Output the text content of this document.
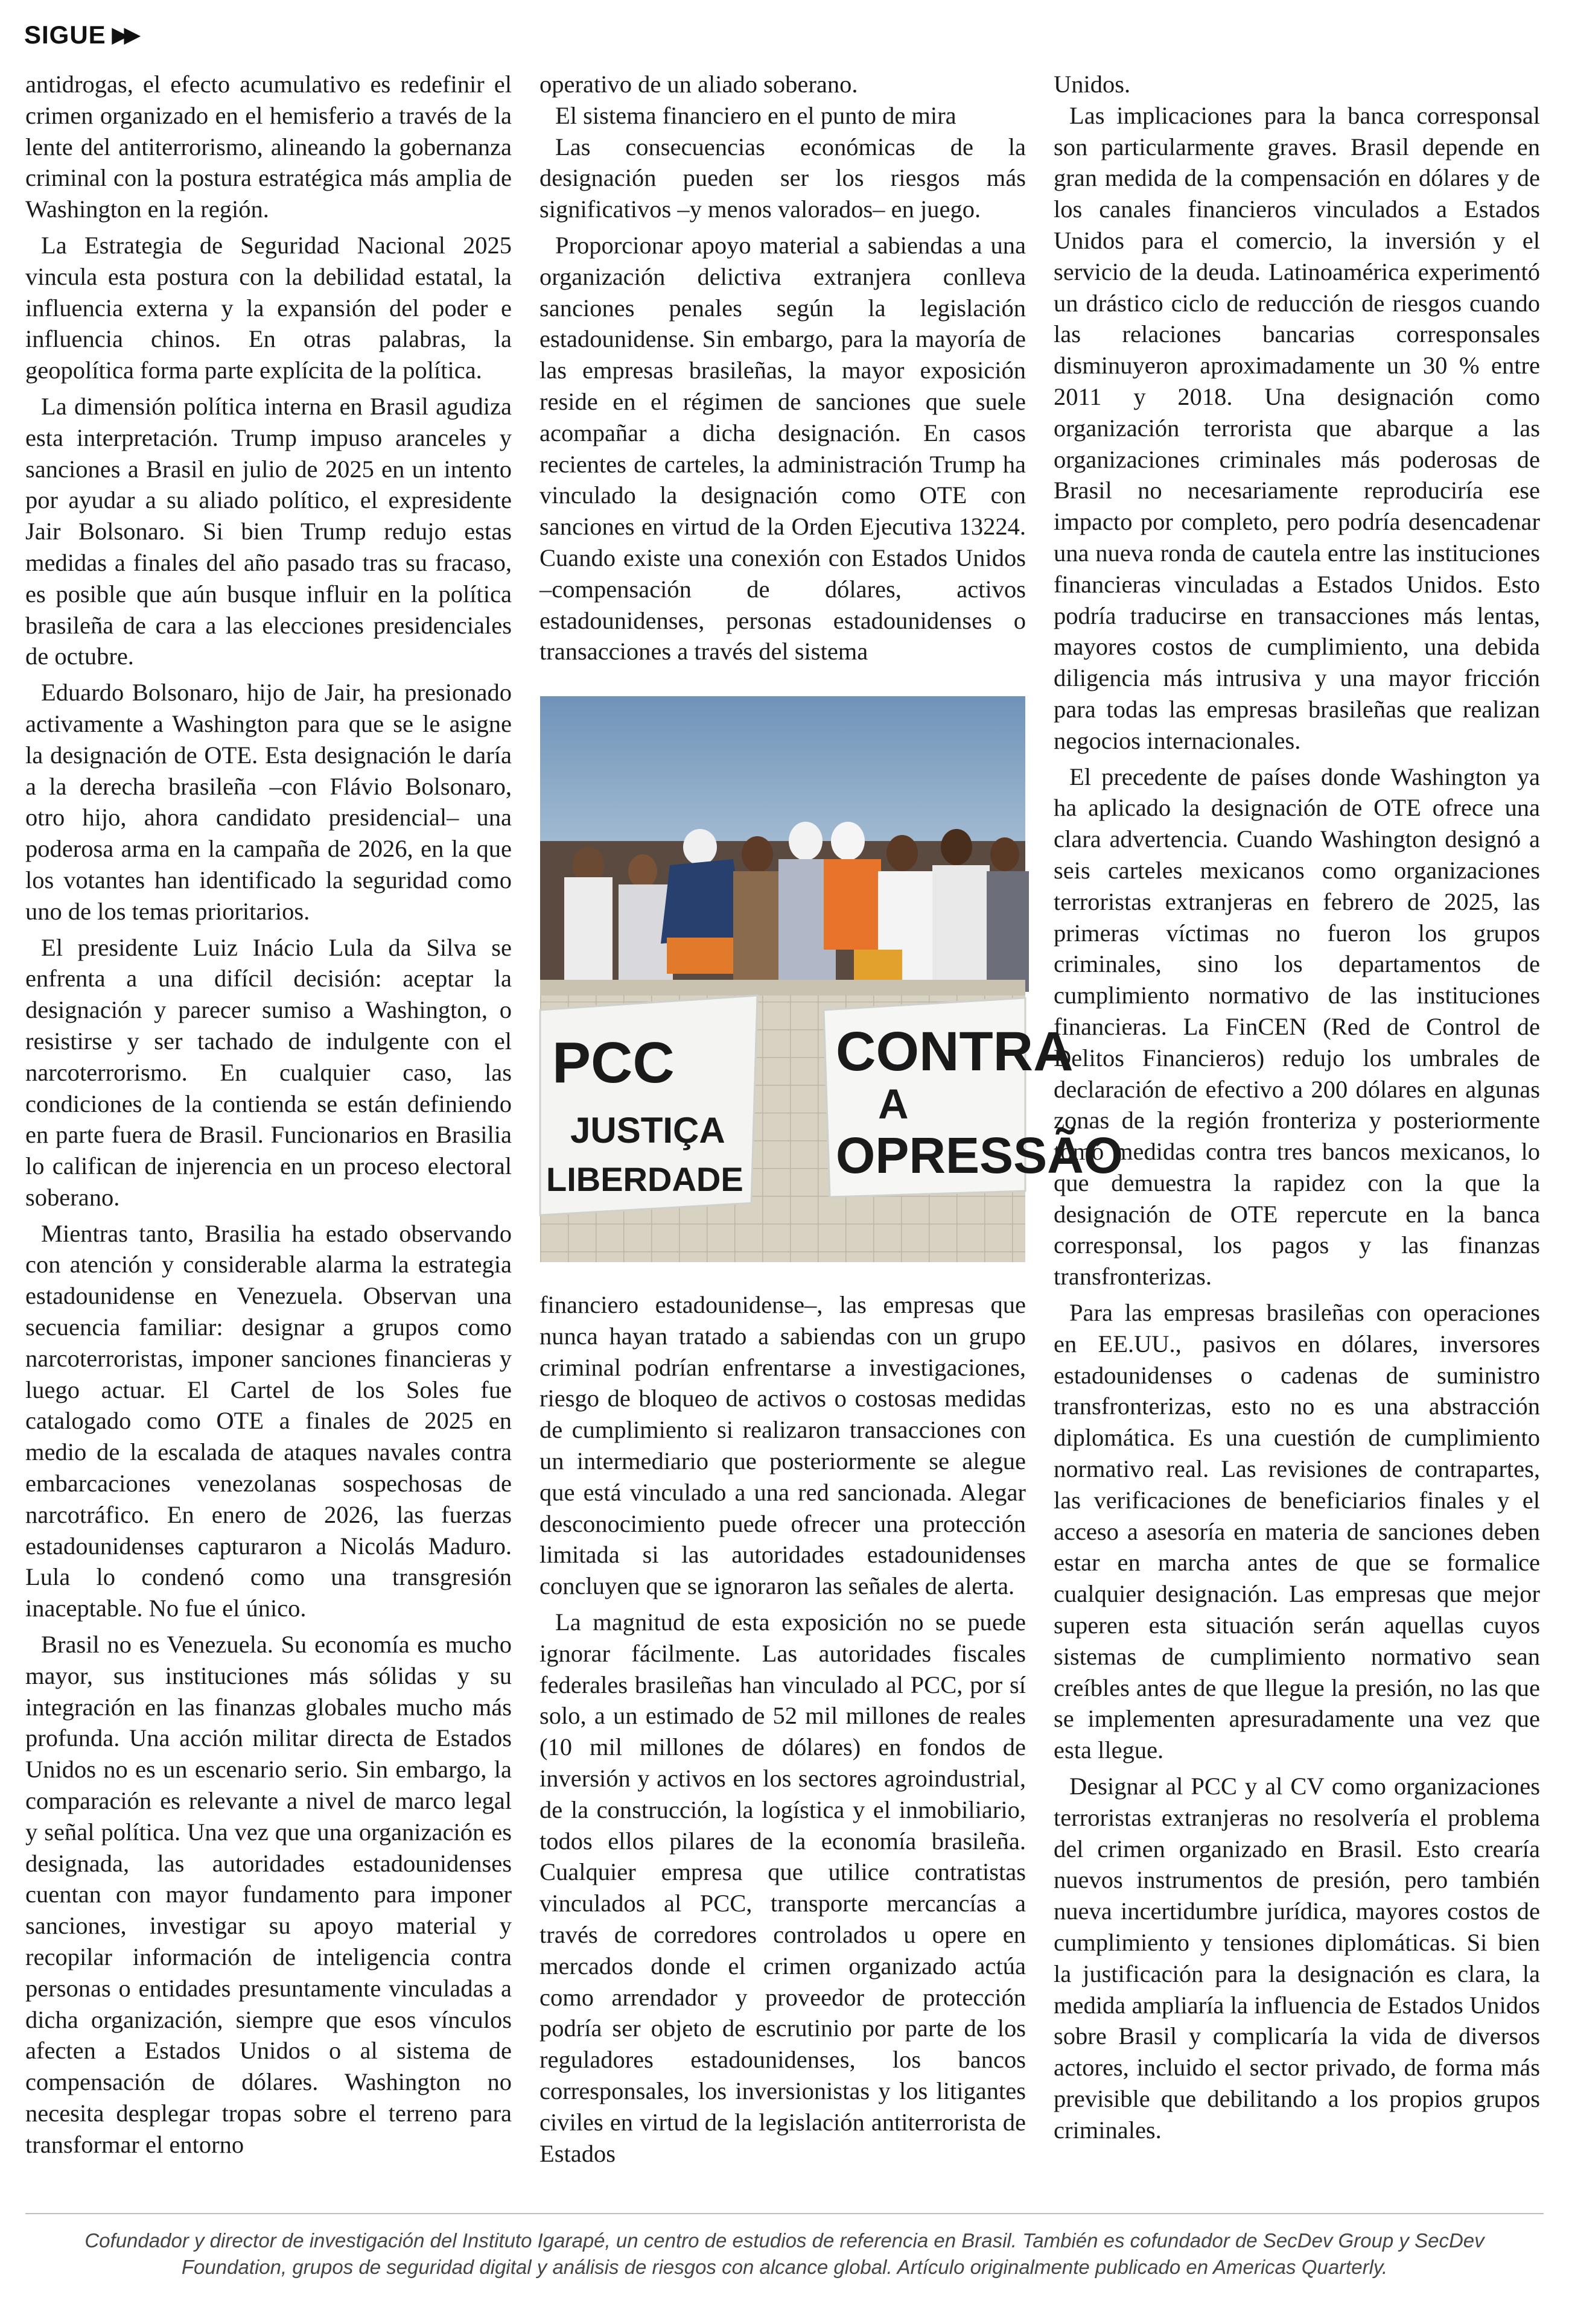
SIGUE ▶▶

antidrogas, el efecto acumulativo es redefinir el crimen organizado en el hemisferio a través de la lente del antiterrorismo, alineando la gobernanza criminal con la postura estratégica más amplia de Washington en la región.

La Estrategia de Seguridad Nacional 2025 vincula esta postura con la debilidad estatal, la influencia externa y la expansión del poder e influencia chinos. En otras palabras, la geopolítica forma parte explícita de la política.

La dimensión política interna en Brasil agudiza esta interpretación. Trump impuso aranceles y sanciones a Brasil en julio de 2025 en un intento por ayudar a su aliado político, el expresidente Jair Bolsonaro. Si bien Trump redujo estas medidas a finales del año pasado tras su fracaso, es posible que aún busque influir en la política brasileña de cara a las elecciones presidenciales de octubre.

Eduardo Bolsonaro, hijo de Jair, ha presionado activamente a Washington para que se le asigne la designación de OTE. Esta designación le daría a la derecha brasileña –con Flávio Bolsonaro, otro hijo, ahora candidato presidencial– una poderosa arma en la campaña de 2026, en la que los votantes han identificado la seguridad como uno de los temas prioritarios.

El presidente Luiz Inácio Lula da Silva se enfrenta a una difícil decisión: aceptar la designación y parecer sumiso a Washington, o resistirse y ser tachado de indulgente con el narcoterrorismo. En cualquier caso, las condiciones de la contienda se están definiendo en parte fuera de Brasil. Funcionarios en Brasilia lo califican de injerencia en un proceso electoral soberano.

Mientras tanto, Brasilia ha estado observando con atención y considerable alarma la estrategia estadounidense en Venezuela. Observan una secuencia familiar: designar a grupos como narcoterroristas, imponer sanciones financieras y luego actuar. El Cartel de los Soles fue catalogado como OTE a finales de 2025 en medio de la escalada de ataques navales contra embarcaciones venezolanas sospechosas de narcotráfico. En enero de 2026, las fuerzas estadounidenses capturaron a Nicolás Maduro. Lula lo condenó como una transgresión inaceptable. No fue el único.

Brasil no es Venezuela. Su economía es mucho mayor, sus instituciones más sólidas y su integración en las finanzas globales mucho más profunda. Una acción militar directa de Estados Unidos no es un escenario serio. Sin embargo, la comparación es relevante a nivel de marco legal y señal política. Una vez que una organización es designada, las autoridades estadounidenses cuentan con mayor fundamento para imponer sanciones, investigar su apoyo material y recopilar información de inteligencia contra personas o entidades presuntamente vinculadas a dicha organización, siempre que esos vínculos afecten a Estados Unidos o al sistema de compensación de dólares. Washington no necesita desplegar tropas sobre el terreno para transformar el entorno

operativo de un aliado soberano.

El sistema financiero en el punto de mira

Las consecuencias económicas de la designación pueden ser los riesgos más significativos –y menos valorados– en juego.

Proporcionar apoyo material a sabiendas a una organización delictiva extranjera conlleva sanciones penales según la legislación estadounidense. Sin embargo, para la mayoría de las empresas brasileñas, la mayor exposición reside en el régimen de sanciones que suele acompañar a dicha designación. En casos recientes de carteles, la administración Trump ha vinculado la designación como OTE con sanciones en virtud de la Orden Ejecutiva 13224. Cuando existe una conexión con Estados Unidos –compensación de dólares, activos estadounidenses, personas estadounidenses o transacciones a través del sistema

PCC
JUSTIÇA
LIBERDADE
CONTRA
A
OPRESSÃO

financiero estadounidense–, las empresas que nunca hayan tratado a sabiendas con un grupo criminal podrían enfrentarse a investigaciones, riesgo de bloqueo de activos o costosas medidas de cumplimiento si realizaron transacciones con un intermediario que posteriormente se alegue que está vinculado a una red sancionada. Alegar desconocimiento puede ofrecer una protección limitada si las autoridades estadounidenses concluyen que se ignoraron las señales de alerta.

La magnitud de esta exposición no se puede ignorar fácilmente. Las autoridades fiscales federales brasileñas han vinculado al PCC, por sí solo, a un estimado de 52 mil millones de reales (10 mil millones de dólares) en fondos de inversión y activos en los sectores agroindustrial, de la construcción, la logística y el inmobiliario, todos ellos pilares de la economía brasileña. Cualquier empresa que utilice contratistas vinculados al PCC, transporte mercancías a través de corredores controlados u opere en mercados donde el crimen organizado actúa como arrendador y proveedor de protección podría ser objeto de escrutinio por parte de los reguladores estadounidenses, los bancos corresponsales, los inversionistas y los litigantes civiles en virtud de la legislación antiterrorista de Estados

Unidos.

Las implicaciones para la banca corresponsal son particularmente graves. Brasil depende en gran medida de la compensación en dólares y de los canales financieros vinculados a Estados Unidos para el comercio, la inversión y el servicio de la deuda. Latinoamérica experimentó un drástico ciclo de reducción de riesgos cuando las relaciones bancarias corresponsales disminuyeron aproximadamente un 30 % entre 2011 y 2018. Una designación como organización terrorista que abarque a las organizaciones criminales más poderosas de Brasil no necesariamente reproduciría ese impacto por completo, pero podría desencadenar una nueva ronda de cautela entre las instituciones financieras vinculadas a Estados Unidos. Esto podría traducirse en transacciones más lentas, mayores costos de cumplimiento, una debida diligencia más intrusiva y una mayor fricción para todas las empresas brasileñas que realizan negocios internacionales.

El precedente de países donde Washington ya ha aplicado la designación de OTE ofrece una clara advertencia. Cuando Washington designó a seis carteles mexicanos como organizaciones terroristas extranjeras en febrero de 2025, las primeras víctimas no fueron los grupos criminales, sino los departamentos de cumplimiento normativo de las instituciones financieras. La FinCEN (Red de Control de Delitos Financieros) redujo los umbrales de declaración de efectivo a 200 dólares en algunas zonas de la región fronteriza y posteriormente tomó medidas contra tres bancos mexicanos, lo que demuestra la rapidez con la que la designación de OTE repercute en la banca corresponsal, los pagos y las finanzas transfronterizas.

Para las empresas brasileñas con operaciones en EE.UU., pasivos en dólares, inversores estadounidenses o cadenas de suministro transfronterizas, esto no es una abstracción diplomática. Es una cuestión de cumplimiento normativo real. Las revisiones de contrapartes, las verificaciones de beneficiarios finales y el acceso a asesoría en materia de sanciones deben estar en marcha antes de que se formalice cualquier designación. Las empresas que mejor superen esta situación serán aquellas cuyos sistemas de cumplimiento normativo sean creíbles antes de que llegue la presión, no las que se implementen apresuradamente una vez que esta llegue.

Designar al PCC y al CV como organizaciones terroristas extranjeras no resolvería el problema del crimen organizado en Brasil. Esto crearía nuevos instrumentos de presión, pero también nueva incertidumbre jurídica, mayores costos de cumplimiento y tensiones diplomáticas. Si bien la justificación para la designación es clara, la medida ampliaría la influencia de Estados Unidos sobre Brasil y complicaría la vida de diversos actores, incluido el sector privado, de forma más previsible que debilitando a los propios grupos criminales.

Cofundador y director de investigación del Instituto Igarapé, un centro de estudios de referencia en Brasil. También es cofundador de SecDev Group y SecDev Foundation, grupos de seguridad digital y análisis de riesgos con alcance global. Artículo originalmente publicado en Americas Quarterly.
